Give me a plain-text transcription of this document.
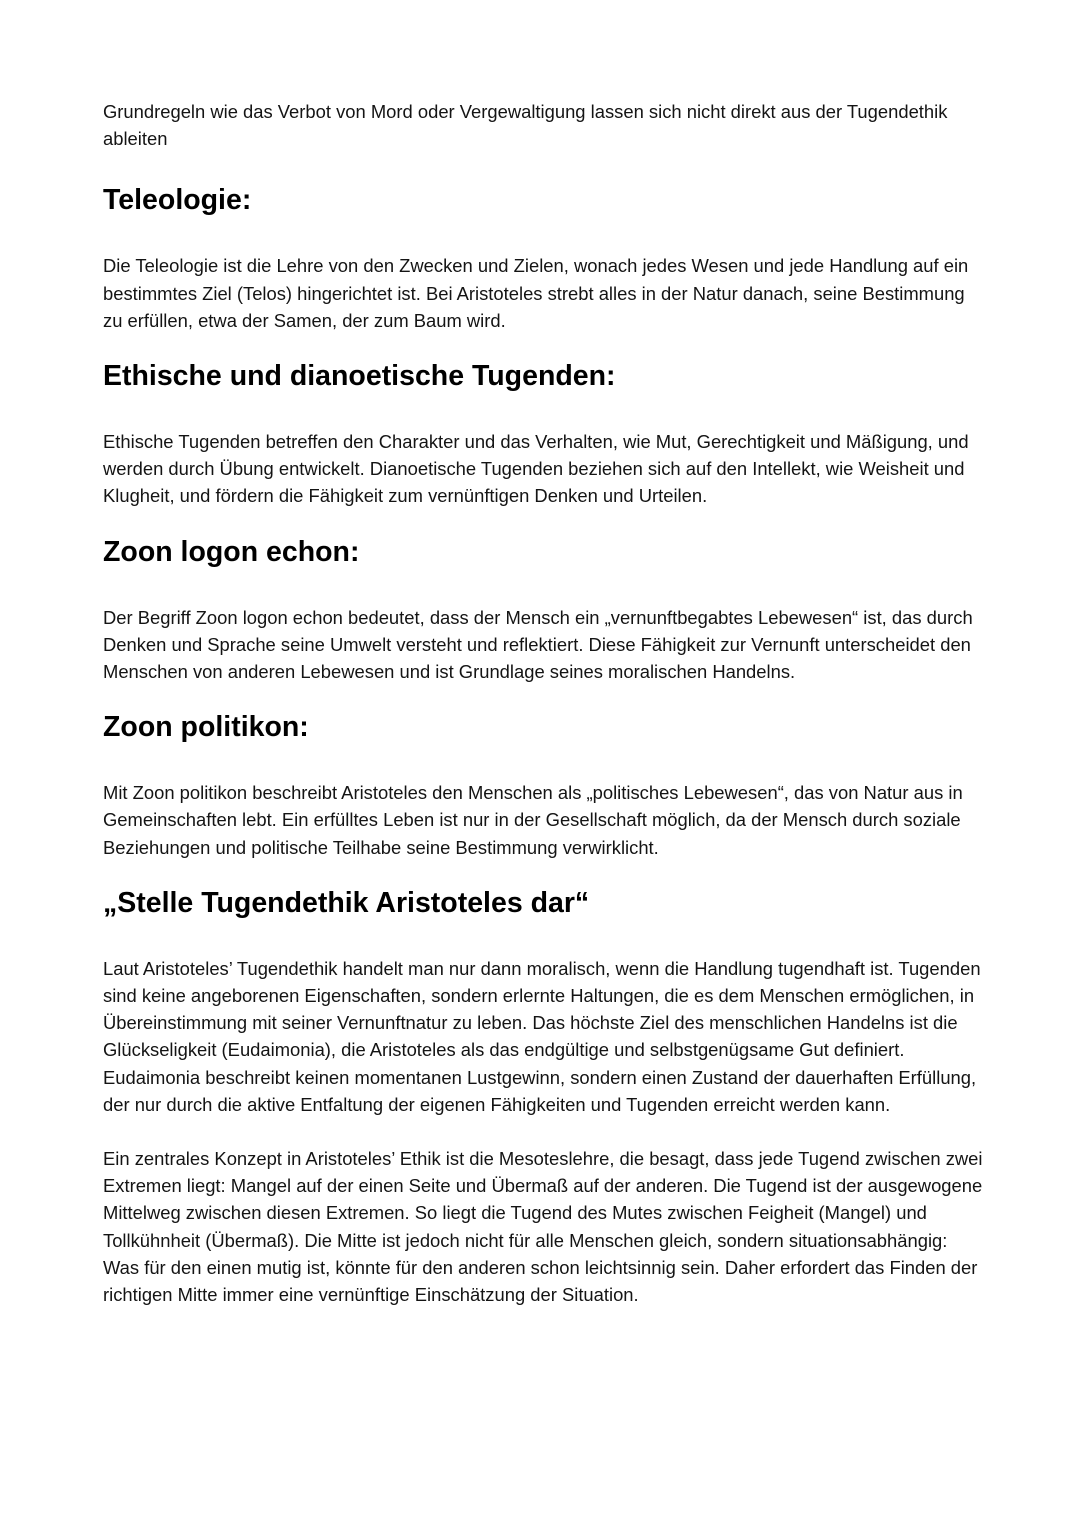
Grundregeln wie das Verbot von Mord oder Vergewaltigung lassen sich nicht direkt aus der Tugendethik ableiten

Teleologie:

Die Teleologie ist die Lehre von den Zwecken und Zielen, wonach jedes Wesen und jede Handlung auf ein bestimmtes Ziel (Telos) hingerichtet ist. Bei Aristoteles strebt alles in der Natur danach, seine Bestimmung zu erfüllen, etwa der Samen, der zum Baum wird.

Ethische und dianoetische Tugenden:

Ethische Tugenden betreffen den Charakter und das Verhalten, wie Mut, Gerechtigkeit und Mäßigung, und werden durch Übung entwickelt. Dianoetische Tugenden beziehen sich auf den Intellekt, wie Weisheit und Klugheit, und fördern die Fähigkeit zum vernünftigen Denken und Urteilen.

Zoon logon echon:

Der Begriff Zoon logon echon bedeutet, dass der Mensch ein „vernunftbegabtes Lebewesen“ ist, das durch Denken und Sprache seine Umwelt versteht und reflektiert. Diese Fähigkeit zur Vernunft unterscheidet den Menschen von anderen Lebewesen und ist Grundlage seines moralischen Handelns.

Zoon politikon:

Mit Zoon politikon beschreibt Aristoteles den Menschen als „politisches Lebewesen“, das von Natur aus in Gemeinschaften lebt. Ein erfülltes Leben ist nur in der Gesellschaft möglich, da der Mensch durch soziale Beziehungen und politische Teilhabe seine Bestimmung verwirklicht.

„Stelle Tugendethik Aristoteles dar“

Laut Aristoteles’ Tugendethik handelt man nur dann moralisch, wenn die Handlung tugendhaft ist. Tugenden sind keine angeborenen Eigenschaften, sondern erlernte Haltungen, die es dem Menschen ermöglichen, in Übereinstimmung mit seiner Vernunftnatur zu leben. Das höchste Ziel des menschlichen Handelns ist die Glückseligkeit (Eudaimonia), die Aristoteles als das endgültige und selbstgenügsame Gut definiert. Eudaimonia beschreibt keinen momentanen Lustgewinn, sondern einen Zustand der dauerhaften Erfüllung, der nur durch die aktive Entfaltung der eigenen Fähigkeiten und Tugenden erreicht werden kann.

Ein zentrales Konzept in Aristoteles’ Ethik ist die Mesoteslehre, die besagt, dass jede Tugend zwischen zwei Extremen liegt: Mangel auf der einen Seite und Übermaß auf der anderen. Die Tugend ist der ausgewogene Mittelweg zwischen diesen Extremen. So liegt die Tugend des Mutes zwischen Feigheit (Mangel) und Tollkühnheit (Übermaß). Die Mitte ist jedoch nicht für alle Menschen gleich, sondern situationsabhängig: Was für den einen mutig ist, könnte für den anderen schon leichtsinnig sein. Daher erfordert das Finden der richtigen Mitte immer eine vernünftige Einschätzung der Situation.
